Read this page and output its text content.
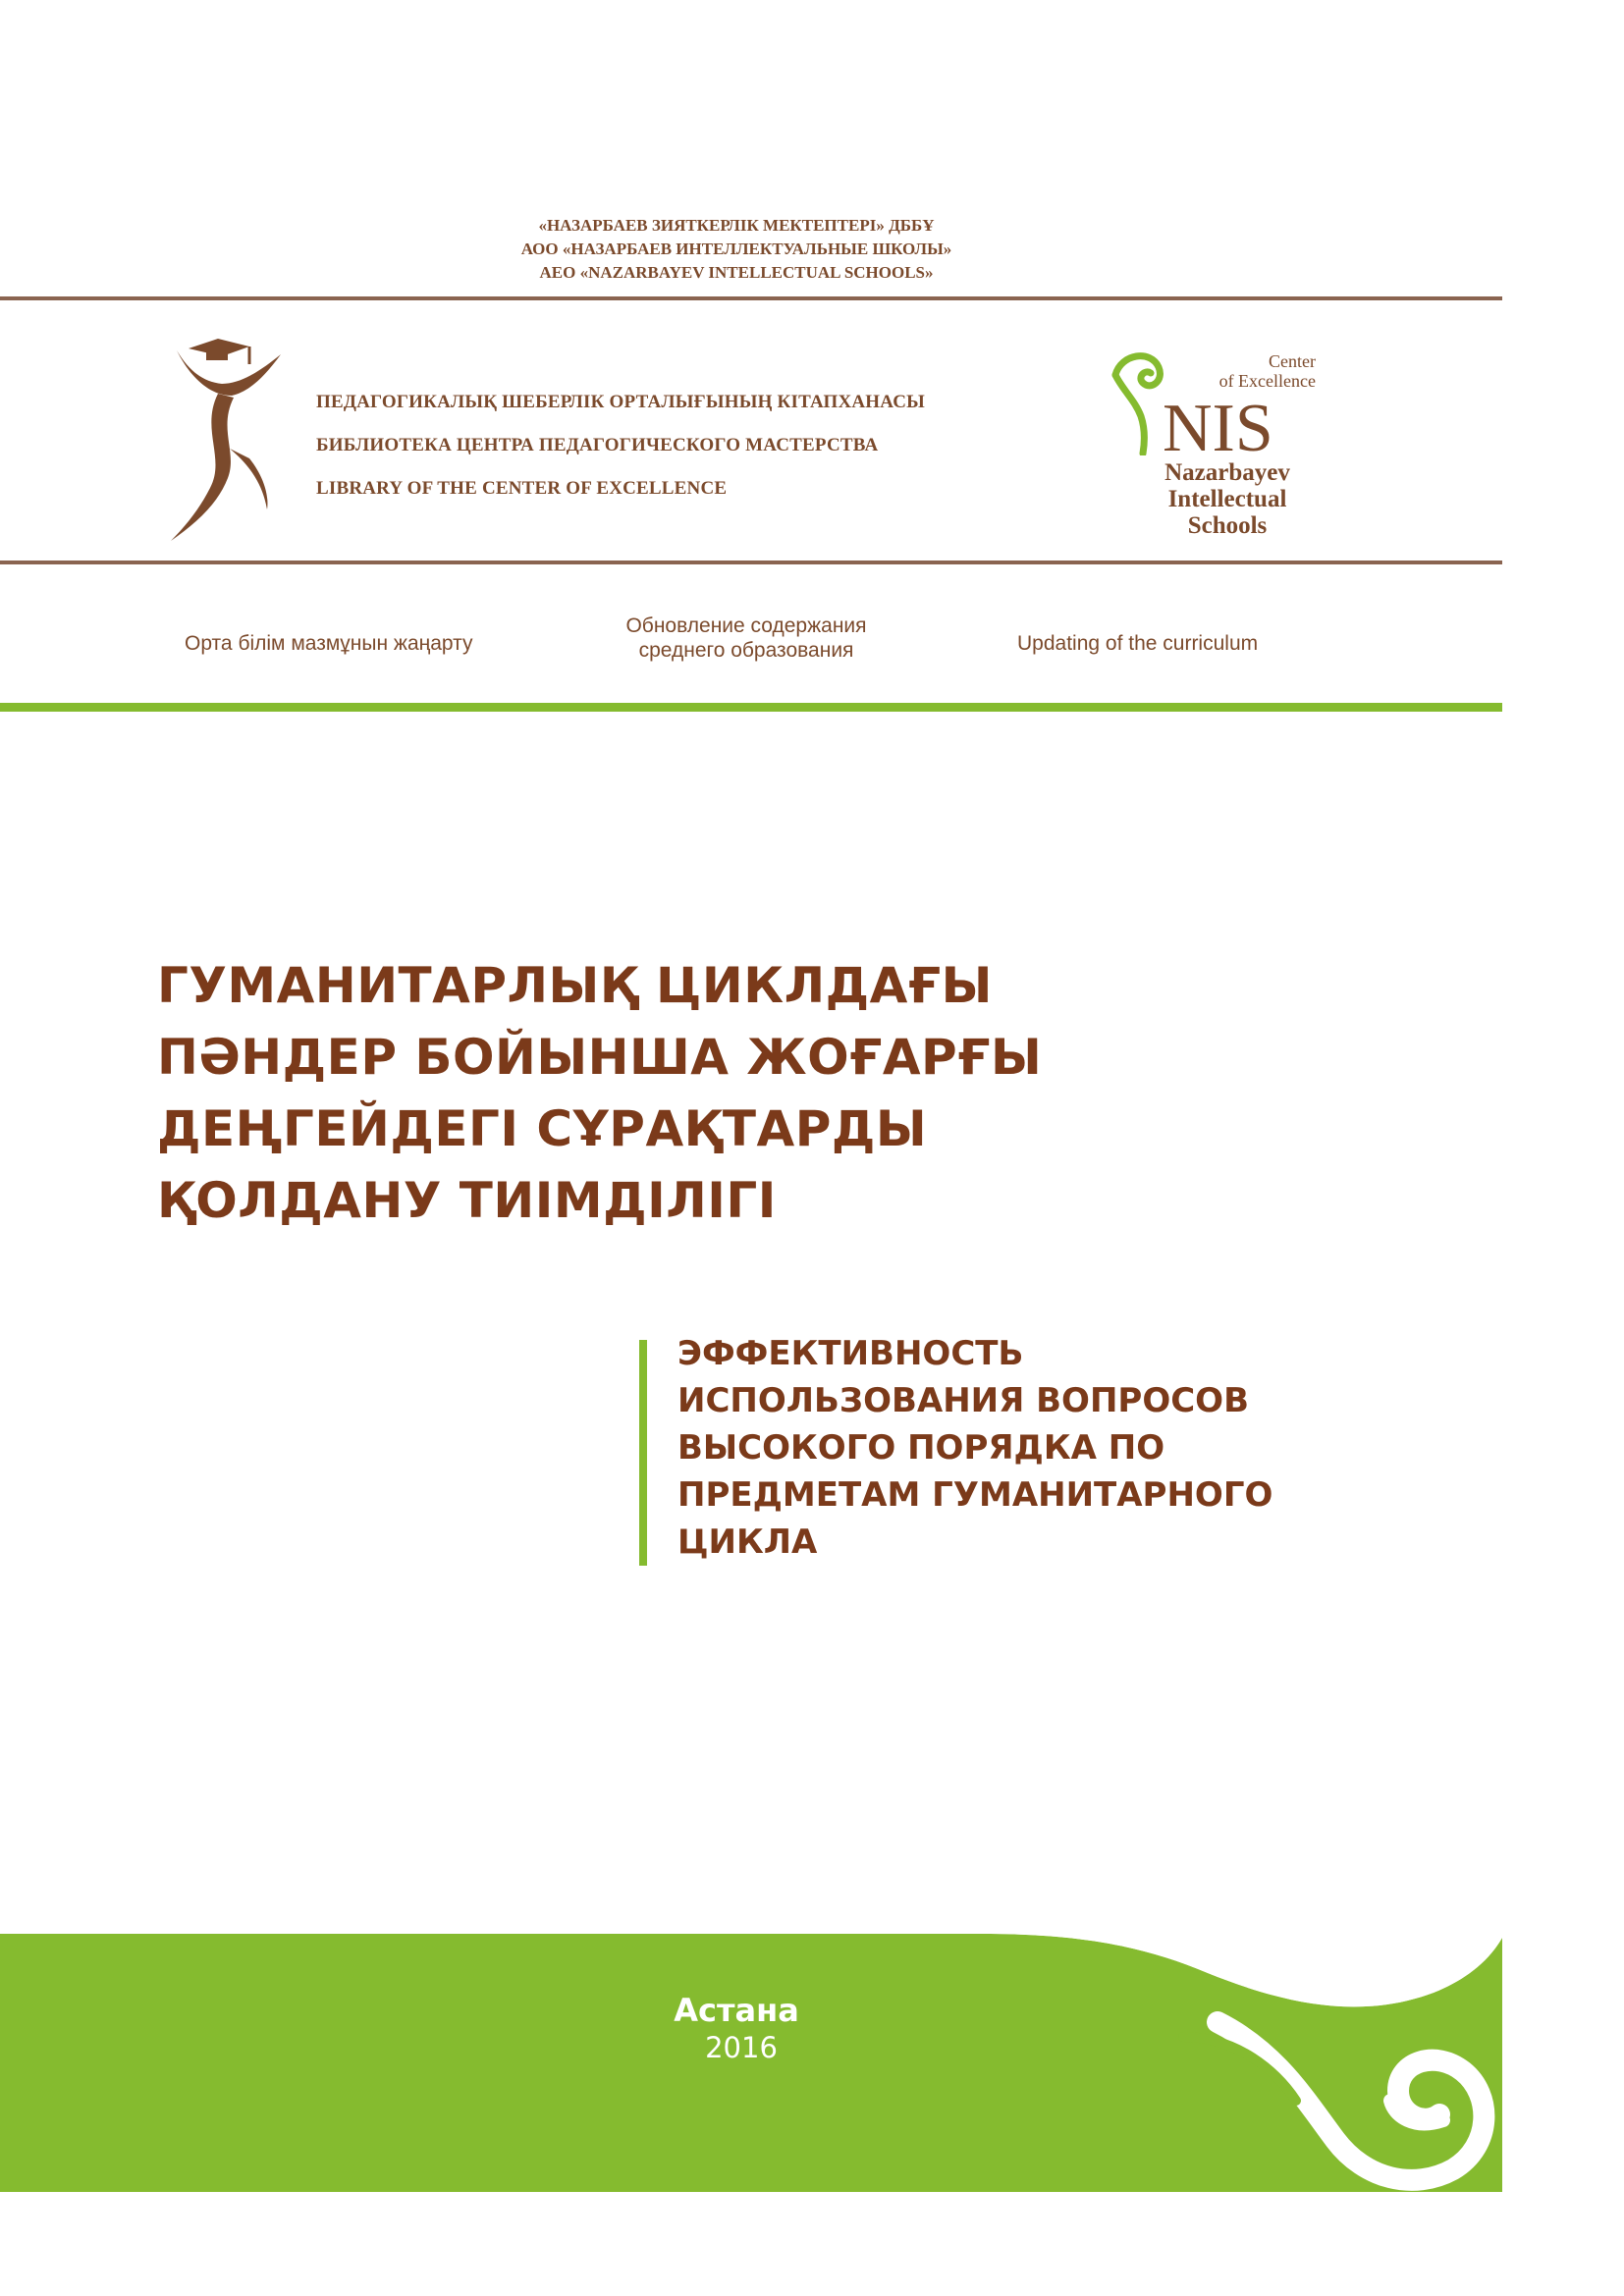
«НАЗАРБАЕВ ЗИЯТКЕРЛІК МЕКТЕПТЕРІ» ДББҰ
АОО «НАЗАРБАЕВ ИНТЕЛЛЕКТУАЛЬНЫЕ ШКОЛЫ»
AEO «NAZARBAYEV INTELLECTUAL SCHOOLS»
ПЕДАГОГИКАЛЫҚ ШЕБЕРЛІК ОРТАЛЫҒЫНЫҢ КІТАПХАНАСЫ
БИБЛИОТЕКА ЦЕНТРА ПЕДАГОГИЧЕСКОГО МАСТЕРСТВА
LIBRARY OF THE CENTER OF EXCELLENCE
Center
of Excellence
NIS
Nazarbayev
Intellectual
Schools
Орта білім мазмұнын жаңарту
Обновление содержания
среднего образования	Updating of the curriculum
ГУМАНИТАРЛЫҚ ЦИКЛДАҒЫ
ПӘНДЕР БОЙЫНША ЖОҒАРҒЫ
ДЕҢГЕЙДЕГІ СҰРАҚТАРДЫ
ҚОЛДАНУ ТИІМДІЛІГІ
ЭФФЕКТИВНОСТЬ
ИСПОЛЬЗОВАНИЯ ВОПРОСОВ
ВЫСОКОГО ПОРЯДКА ПО
ПРЕДМЕТАМ ГУМАНИТАРНОГО
ЦИКЛА
Астана
2016
